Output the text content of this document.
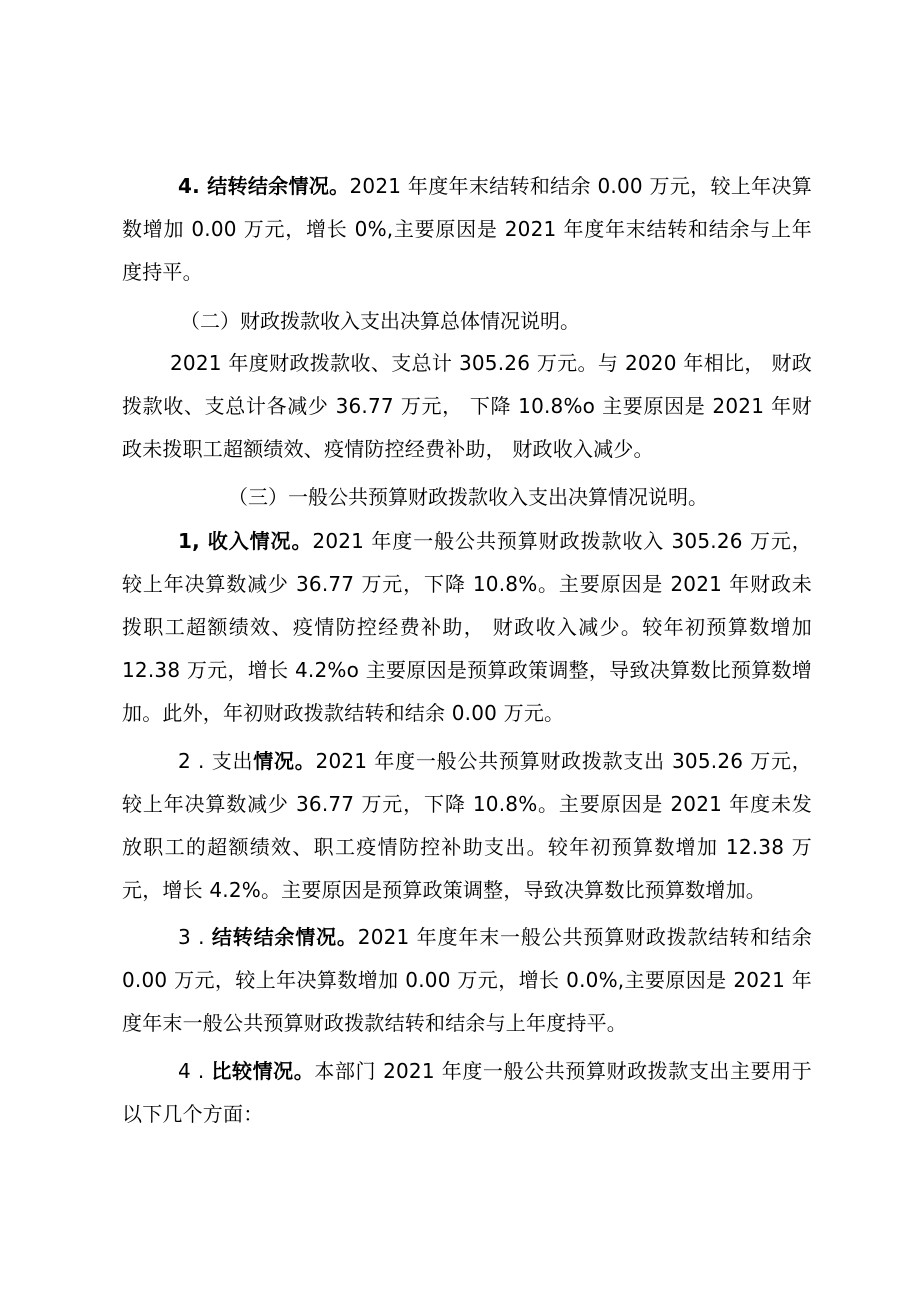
4. 结转结余情况。2021 年度年末结转和结余 0.00 万元，较上年决算数增加 0.00 万元，增长 0%,主要原因是 2021 年度年末结转和结余与上年度持平。
（二）财政拨款收入支出决算总体情况说明。
2021 年度财政拨款收、支总计 305.26 万元。与 2020 年相比， 财政拨款收、支总计各减少 36.77 万元， 下降 10.8%o 主要原因是 2021 年财政未拨职工超额绩效、疫情防控经费补助， 财政收入减少。
（三）一般公共预算财政拨款收入支出决算情况说明。
1, 收入情况。2021 年度一般公共预算财政拨款收入 305.26 万元，较上年决算数减少 36.77 万元，下降 10.8%。主要原因是 2021 年财政未拨职工超额绩效、疫情防控经费补助， 财政收入减少。较年初预算数增加 12.38 万元，增长 4.2%o 主要原因是预算政策调整，导致决算数比预算数增加。此外，年初财政拨款结转和结余 0.00 万元。
2 . 支出情况。2021 年度一般公共预算财政拨款支出 305.26 万元，较上年决算数减少 36.77 万元，下降 10.8%。主要原因是 2021 年度未发放职工的超额绩效、职工疫情防控补助支出。较年初预算数增加 12.38 万元，增长 4.2%。主要原因是预算政策调整，导致决算数比预算数增加。
3 . 结转结余情况。2021 年度年末一般公共预算财政拨款结转和结余 0.00 万元，较上年决算数增加 0.00 万元，增长 0.0%,主要原因是 2021 年度年末一般公共预算财政拨款结转和结余与上年度持平。
4 . 比较情况。本部门 2021 年度一般公共预算财政拨款支出主要用于以下几个方面：
